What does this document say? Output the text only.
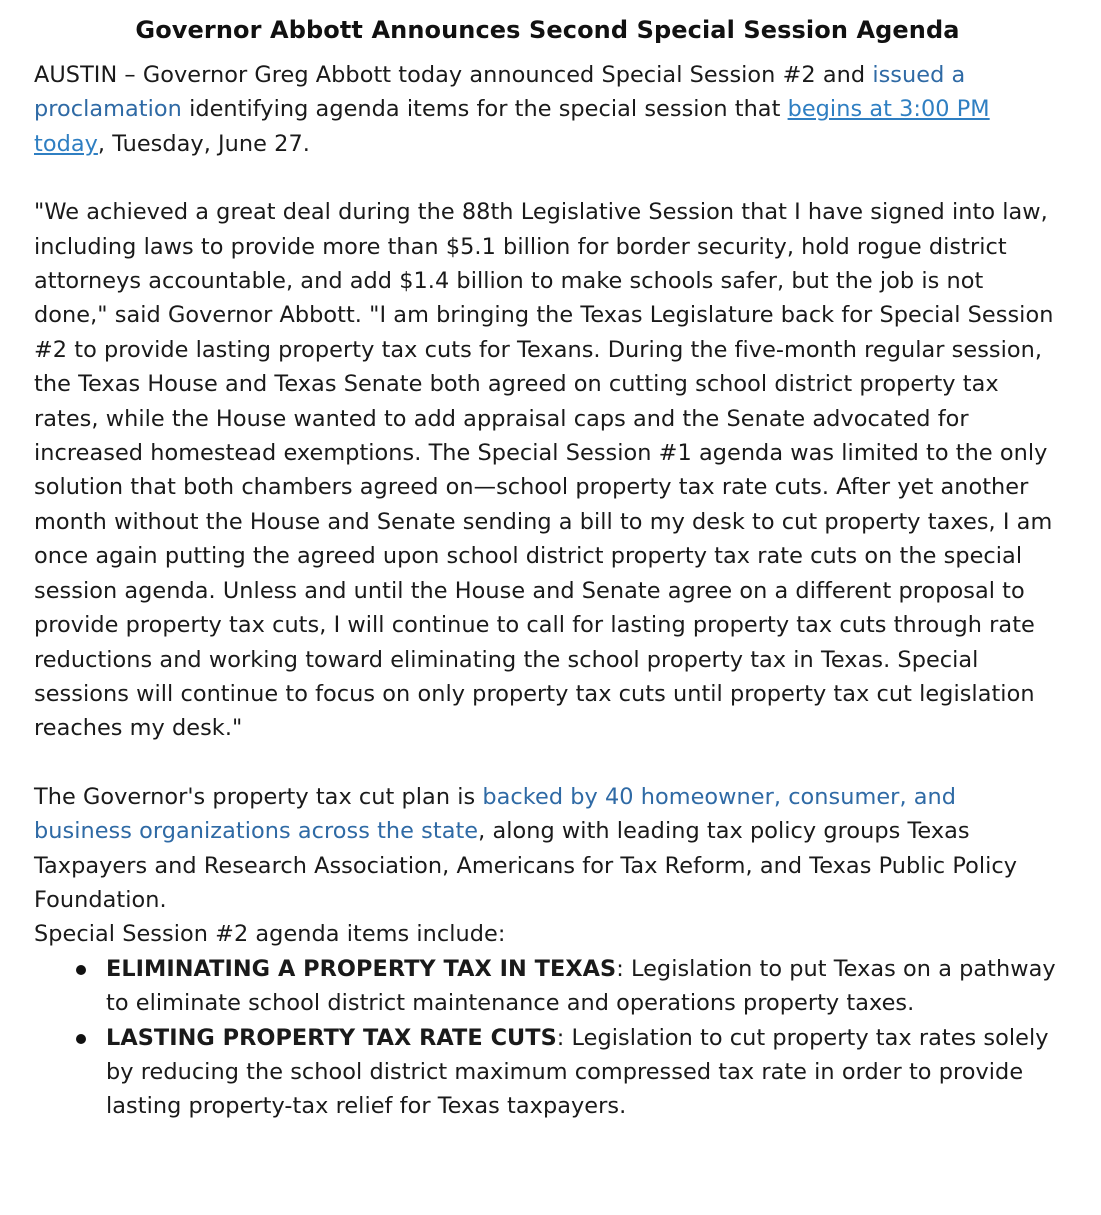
Governor Abbott Announces Second Special Session Agenda

AUSTIN – Governor Greg Abbott today announced Special Session #2 and issued a proclamation identifying agenda items for the special session that begins at 3:00 PM today, Tuesday, June 27.

"We achieved a great deal during the 88th Legislative Session that I have signed into law, including laws to provide more than $5.1 billion for border security, hold rogue district attorneys accountable, and add $1.4 billion to make schools safer, but the job is not done," said Governor Abbott. "I am bringing the Texas Legislature back for Special Session #2 to provide lasting property tax cuts for Texans. During the five-month regular session, the Texas House and Texas Senate both agreed on cutting school district property tax rates, while the House wanted to add appraisal caps and the Senate advocated for increased homestead exemptions. The Special Session #1 agenda was limited to the only solution that both chambers agreed on—school property tax rate cuts. After yet another month without the House and Senate sending a bill to my desk to cut property taxes, I am once again putting the agreed upon school district property tax rate cuts on the special session agenda. Unless and until the House and Senate agree on a different proposal to provide property tax cuts, I will continue to call for lasting property tax cuts through rate reductions and working toward eliminating the school property tax in Texas. Special sessions will continue to focus on only property tax cuts until property tax cut legislation reaches my desk."

The Governor's property tax cut plan is backed by 40 homeowner, consumer, and business organizations across the state, along with leading tax policy groups Texas Taxpayers and Research Association, Americans for Tax Reform, and Texas Public Policy Foundation.

Special Session #2 agenda items include:

ELIMINATING A PROPERTY TAX IN TEXAS: Legislation to put Texas on a pathway to eliminate school district maintenance and operations property taxes.
LASTING PROPERTY TAX RATE CUTS: Legislation to cut property tax rates solely by reducing the school district maximum compressed tax rate in order to provide lasting property-tax relief for Texas taxpayers.
